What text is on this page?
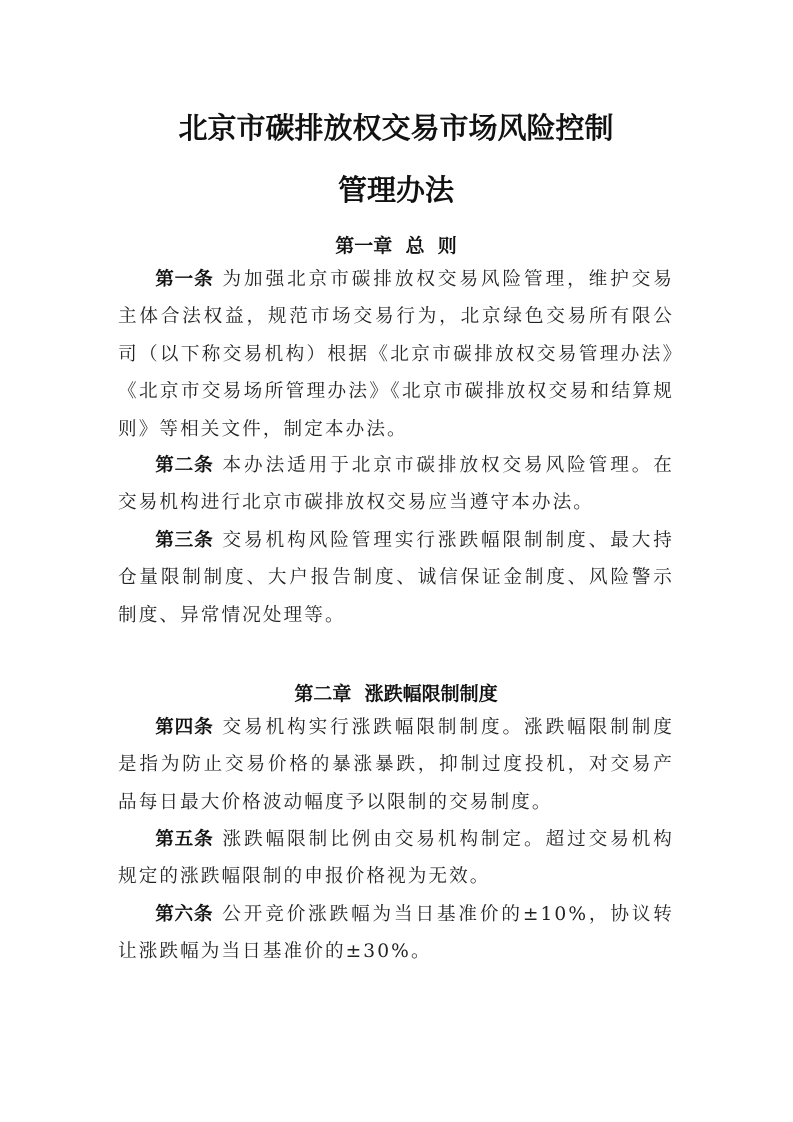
北京市碳排放权交易市场风险控制
管理办法
第一章  总  则

第一条 为加强北京市碳排放权交易风险管理，维护交易主体合法权益，规范市场交易行为，北京绿色交易所有限公司（以下称交易机构）根据《北京市碳排放权交易管理办法》《北京市交易场所管理办法》《北京市碳排放权交易和结算规则》等相关文件，制定本办法。

第二条 本办法适用于北京市碳排放权交易风险管理。在交易机构进行北京市碳排放权交易应当遵守本办法。

第三条 交易机构风险管理实行涨跌幅限制制度、最大持仓量限制制度、大户报告制度、诚信保证金制度、风险警示制度、异常情况处理等。

第二章  涨跌幅限制制度

第四条 交易机构实行涨跌幅限制制度。涨跌幅限制制度是指为防止交易价格的暴涨暴跌，抑制过度投机，对交易产品每日最大价格波动幅度予以限制的交易制度。

第五条 涨跌幅限制比例由交易机构制定。超过交易机构规定的涨跌幅限制的申报价格视为无效。

第六条 公开竞价涨跌幅为当日基准价的±10%，协议转让涨跌幅为当日基准价的±30%。
